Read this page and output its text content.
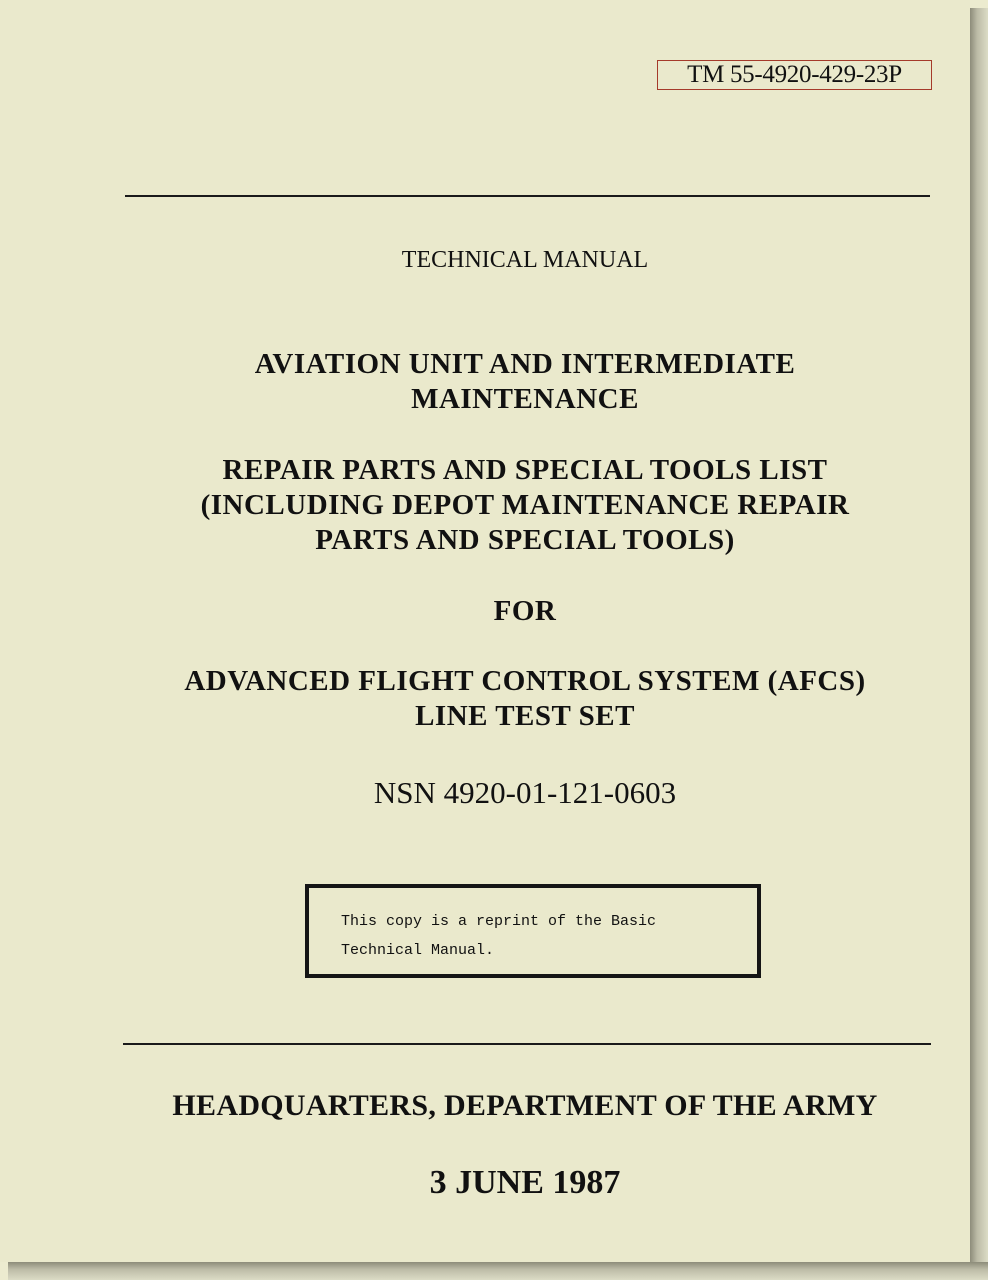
TM 55-4920-429-23P
TECHNICAL MANUAL
AVIATION UNIT AND INTERMEDIATE
MAINTENANCE
REPAIR PARTS AND SPECIAL TOOLS LIST
(INCLUDING DEPOT MAINTENANCE REPAIR
PARTS AND SPECIAL TOOLS)
FOR
ADVANCED FLIGHT CONTROL SYSTEM (AFCS)
LINE TEST SET
NSN 4920-01-121-0603
This copy is a reprint of the Basic
Technical Manual.
HEADQUARTERS, DEPARTMENT OF THE ARMY
3 JUNE 1987
